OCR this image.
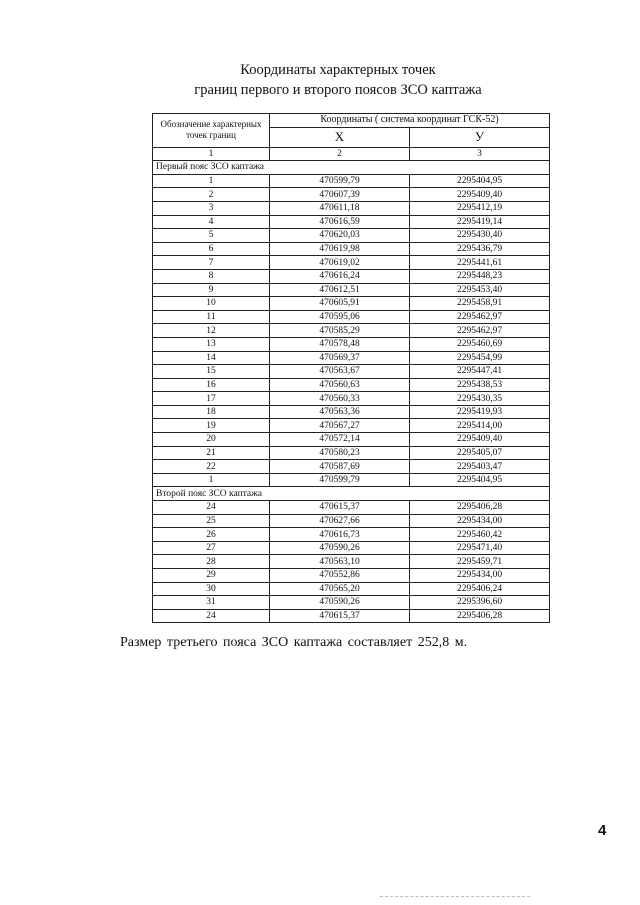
Координаты характерных точек
границ первого и второго поясов ЗСО каптажа
Обозначение характерных точек границ	Координаты ( система координат ГСК-52)	
	X	У
1	2	3
Первый пояс ЗСО каптажа		
1	470599,79	2295404,95
2	470607,39	2295409,40
3	470611,18	2295412,19
4	470616,59	2295419,14
5	470620,03	2295430,40
6	470619,98	2295436,79
7	470619,02	2295441,61
8	470616,24	2295448,23
9	470612,51	2295453,40
10	470605,91	2295458,91
11	470595,06	2295462,97
12	470585,29	2295462,97
13	470578,48	2295460,69
14	470569,37	2295454,99
15	470563,67	2295447,41
16	470560,63	2295438,53
17	470560,33	2295430,35
18	470563,36	2295419,93
19	470567,27	2295414,00
20	470572,14	2295409,40
21	470580,23	2295405,07
22	470587,69	2295403,47
1	470599,79	2295404,95
Второй пояс ЗСО каптажа		
24	470615,37	2295406,28
25	470627,66	2295434,00
26	470616,73	2295460,42
27	470590,26	2295471,40
28	470563,10	2295459,71
29	470552,86	2295434,00
30	470565,20	2295406,24
31	470590,26	2295396,60
24	470615,37	2295406,28
Размер третьего пояса ЗСО каптажа составляет 252,8 м.
4
